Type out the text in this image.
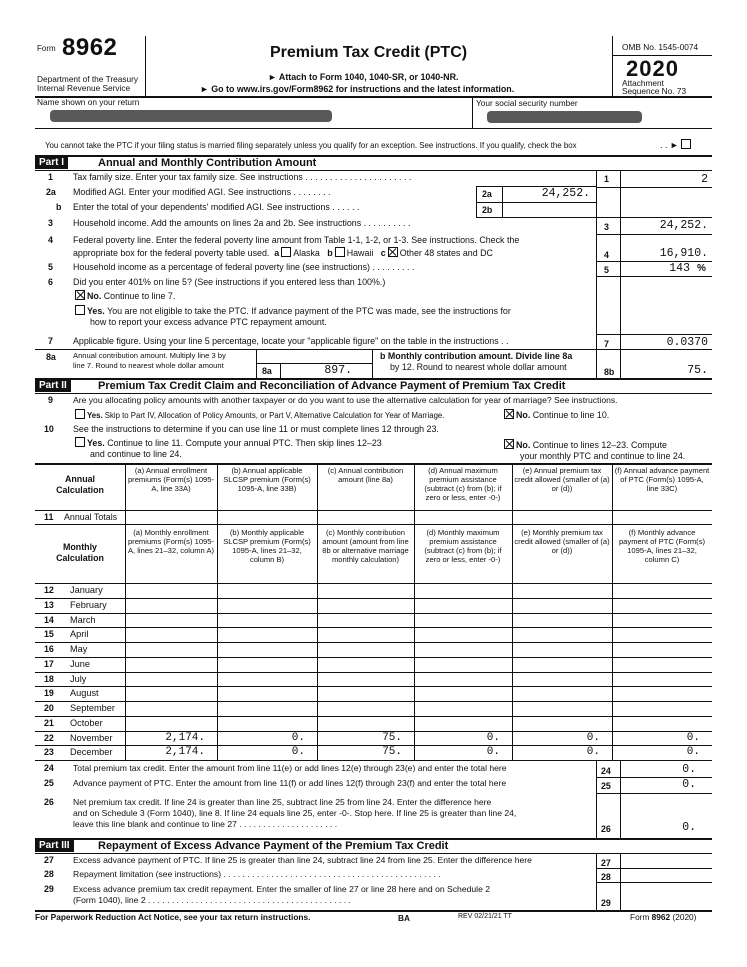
Form 8962
Department of the Treasury
Internal Revenue Service
Premium Tax Credit (PTC)
► Attach to Form 1040, 1040-SR, or 1040-NR.
► Go to www.irs.gov/Form8962 for instructions and the latest information.
OMB No. 1545-0074
2020
Attachment
Sequence No. 73
Name shown on your return	Your social security number
You cannot take the PTC if your filing status is married filing separately unless you qualify for an exception. See instructions. If you qualify, check the box	. . ►
Part I	Annual and Monthly Contribution Amount
1 Tax family size. Enter your tax family size. See instructions . . . . . . . . . . . . . . . . . . . . . .	1	2
2a Modified AGI. Enter your modified AGI. See instructions . . . . . . . .	2a	24,252.
b Enter the total of your dependents' modified AGI. See instructions . . . . . .	2b
3 Household income. Add the amounts on lines 2a and 2b. See instructions . . . . . . . . . .	3	24,252.
4 Federal poverty line. Enter the federal poverty line amount from Table 1-1, 1-2, or 1-3. See instructions. Check the
appropriate box for the federal poverty table used. a Alaska b Hawaii c Other 48 states and DC	4	16,910.
5 Household income as a percentage of federal poverty line (see instructions) . . . . . . . . .	5	143 %
6 Did you enter 401% on line 5? (See instructions if you entered less than 100%.)
No. Continue to line 7.
Yes. You are not eligible to take the PTC. If advance payment of the PTC was made, see the instructions for
how to report your excess advance PTC repayment amount.
7 Applicable figure. Using your line 5 percentage, locate your "applicable figure" on the table in the instructions . .	7	0.0370
8a Annual contribution amount. Multiply line 3 by
line 7. Round to nearest whole dollar amount
8a	897.
b Monthly contribution amount. Divide line 8a
by 12. Round to nearest whole dollar amount	8b	75.
Part II	Premium Tax Credit Claim and Reconciliation of Advance Payment of Premium Tax Credit
9 Are you allocating policy amounts with another taxpayer or do you want to use the alternative calculation for year of marriage? See instructions.
Yes. Skip to Part IV, Allocation of Policy Amounts, or Part V, Alternative Calculation for Year of Marriage.	No. Continue to line 10.
10 See the instructions to determine if you can use line 11 or must complete lines 12 through 23.
Yes. Continue to line 11. Compute your annual PTC. Then skip lines 12–23
and continue to line 24.
No. Continue to lines 12–23. Compute
your monthly PTC and continue to line 24.
Annual
Calculation
(a) Annual enrollment premiums (Form(s) 1095-A, line 33A)
(b) Annual applicable SLCSP premium (Form(s) 1095-A, line 33B)
(c) Annual contribution amount (line 8a)
(d) Annual maximum premium assistance (subtract (c) from (b); if zero or less, enter -0-)
(e) Annual premium tax credit allowed (smaller of (a) or (d))
(f) Annual advance payment of PTC (Form(s) 1095-A, line 33C)
11 Annual Totals
Monthly
Calculation
(a) Monthly enrollment premiums (Form(s) 1095-A, lines 21–32, column A)
(b) Monthly applicable SLCSP premium (Form(s) 1095-A, lines 21–32, column B)
(c) Monthly contribution amount (amount from line 8b or alternative marriage monthly calculation)
(d) Monthly maximum premium assistance (subtract (c) from (b); if zero or less, enter -0-)
(e) Monthly premium tax credit allowed (smaller of (a) or (d))
(f) Monthly advance payment of PTC (Form(s) 1095-A, lines 21–32, column C)
12 January
13 February
14 March
15 April
16 May
17 June
18 July
19 August
20 September
21 October
22 November	2,174.	0.	75.	0.	0.	0.
23 December	2,174.	0.	75.	0.	0.	0.
24 Total premium tax credit. Enter the amount from line 11(e) or add lines 12(e) through 23(e) and enter the total here	24	0.
25 Advance payment of PTC. Enter the amount from line 11(f) or add lines 12(f) through 23(f) and enter the total here	25	0.
26 Net premium tax credit. If line 24 is greater than line 25, subtract line 25 from line 24. Enter the difference here
and on Schedule 3 (Form 1040), line 8. If line 24 equals line 25, enter -0-. Stop here. If line 25 is greater than line 24,
leave this line blank and continue to line 27 . . . . . . . . . . . . . . . . . . . . .	26	0.
Part III	Repayment of Excess Advance Payment of the Premium Tax Credit
27 Excess advance payment of PTC. If line 25 is greater than line 24, subtract line 24 from line 25. Enter the difference here	27
28 Repayment limitation (see instructions) . . . . . . . . . . . . . . . . . . . . . . . . . . . . . . . . . . . . . . . . . . . . . .	28
29 Excess advance premium tax credit repayment. Enter the smaller of line 27 or line 28 here and on Schedule 2
(Form 1040), line 2 . . . . . . . . . . . . . . . . . . . . . . . . . . . . . . . . . . . . . . . . . . .	29
For Paperwork Reduction Act Notice, see your tax return instructions.	BA	REV 02/21/21 TT	Form 8962 (2020)
